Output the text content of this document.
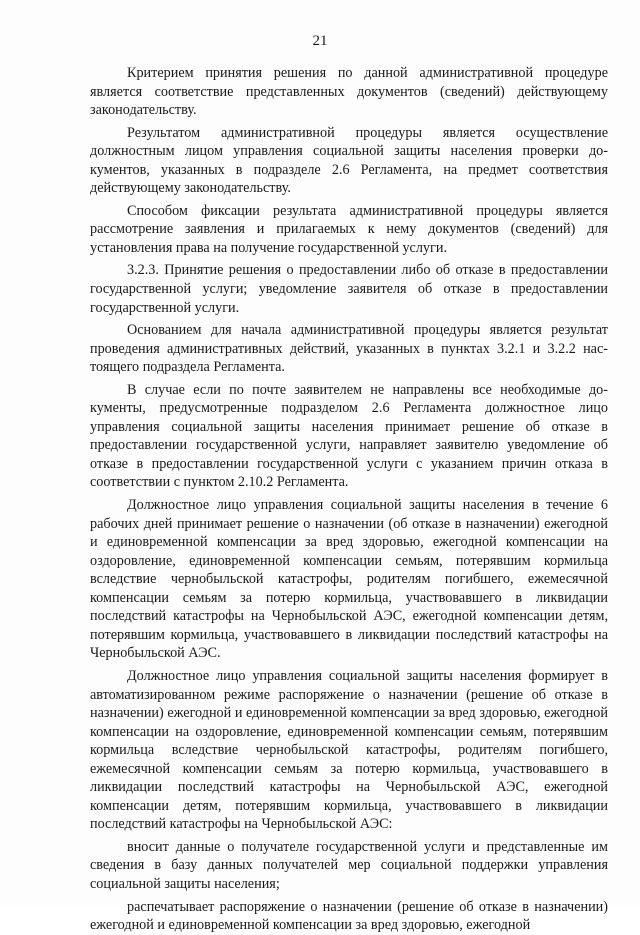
21

Критерием принятия решения по данной административной процедуре является соответствие представленных документов (сведений) действующему законодательству.

Результатом административной процедуры является осуществление должностным лицом управления социальной защиты населения проверки документов, указанных в подразделе 2.6 Регламента, на предмет соответствия действующему законодательству.

Способом фиксации результата административной процедуры является рассмотрение заявления и прилагаемых к нему документов (сведений) для установления права на получение государственной услуги.

3.2.3. Принятие решения о предоставлении либо об отказе в предоставлении государственной услуги; уведомление заявителя об отказе в предоставлении государственной услуги.

Основанием для начала административной процедуры является результат проведения административных действий, указанных в пунктах 3.2.1 и 3.2.2 настоящего подраздела Регламента.

В случае если по почте заявителем не направлены все необходимые документы, предусмотренные подразделом 2.6 Регламента должностное лицо управления социальной защиты населения принимает решение об отказе в предоставлении государственной услуги, направляет заявителю уведомление об отказе в предоставлении государственной услуги с указанием причин отказа в соответствии с пунктом 2.10.2 Регламента.

Должностное лицо управления социальной защиты населения в течение 6 рабочих дней принимает решение о назначении (об отказе в назначении) ежегодной и единовременной компенсации за вред здоровью, ежегодной компенсации на оздоровление, единовременной компенсации семьям, потерявшим кормильца вследствие чернобыльской катастрофы, родителям погибшего, ежемесячной компенсации семьям за потерю кормильца, участвовавшего в ликвидации последствий катастрофы на Чернобыльской АЭС, ежегодной компенсации детям, потерявшим кормильца, участвовавшего в ликвидации последствий катастрофы на Чернобыльской АЭС.

Должностное лицо управления социальной защиты населения формирует в автоматизированном режиме распоряжение о назначении (решение об отказе в назначении) ежегодной и единовременной компенсации за вред здоровью, ежегодной компенсации на оздоровление, единовременной компенсации семьям, потерявшим кормильца вследствие чернобыльской катастрофы, родителям погибшего, ежемесячной компенсации семьям за потерю кормильца, участвовавшего в ликвидации последствий катастрофы на Чернобыльской АЭС, ежегодной компенсации детям, потерявшим кормильца, участвовавшего в ликвидации последствий катастрофы на Чернобыльской АЭС:

вносит данные о получателе государственной услуги и представленные им сведения в базу данных получателей мер социальной поддержки управления социальной защиты населения;

распечатывает распоряжение о назначении (решение об отказе в назначении) ежегодной и единовременной компенсации за вред здоровью, ежегодной
